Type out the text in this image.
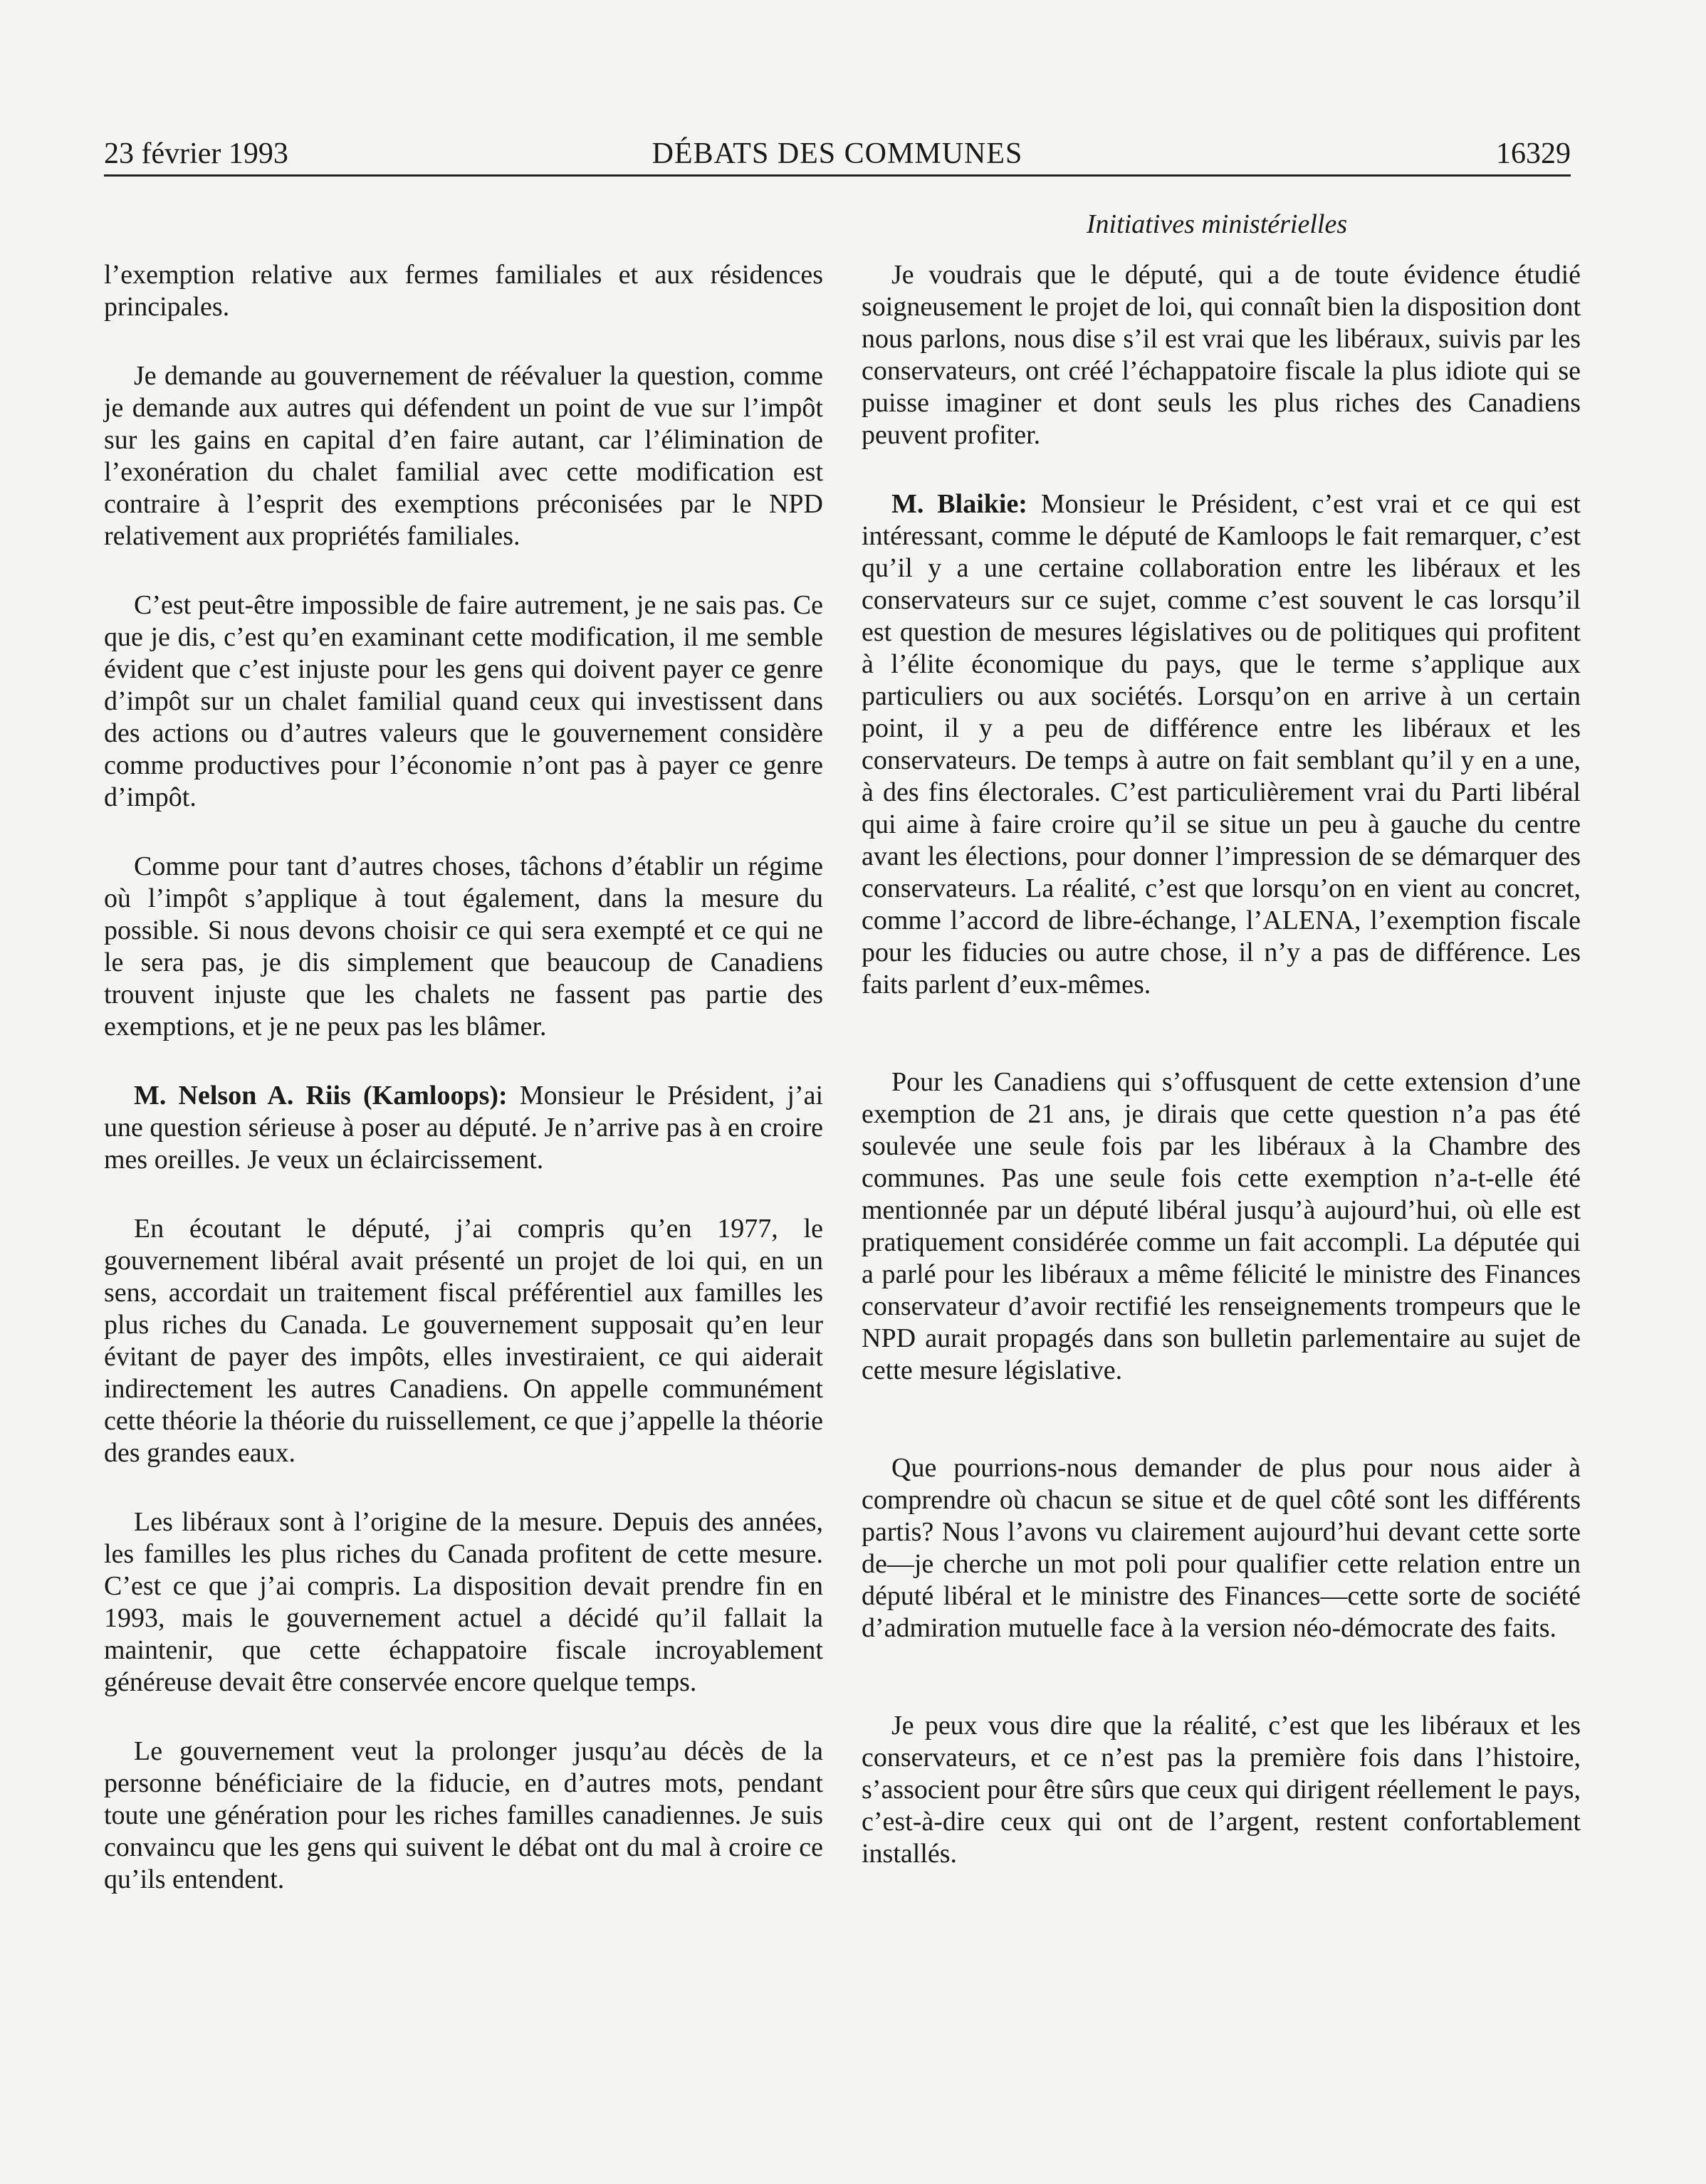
23 février 1993	DÉBATS DES COMMUNES	16329
Initiatives ministérielles

l’exemption relative aux fermes familiales et aux résidences principales.

Je demande au gouvernement de réévaluer la question, comme je demande aux autres qui défendent un point de vue sur l’impôt sur les gains en capital d’en faire autant, car l’élimination de l’exonération du chalet familial avec cette modification est contraire à l’esprit des exemptions préconisées par le NPD relativement aux propriétés familiales.

C’est peut-être impossible de faire autrement, je ne sais pas. Ce que je dis, c’est qu’en examinant cette modification, il me semble évident que c’est injuste pour les gens qui doivent payer ce genre d’impôt sur un chalet familial quand ceux qui investissent dans des actions ou d’autres valeurs que le gouvernement considère comme productives pour l’économie n’ont pas à payer ce genre d’impôt.

Comme pour tant d’autres choses, tâchons d’établir un régime où l’impôt s’applique à tout également, dans la mesure du possible. Si nous devons choisir ce qui sera exempté et ce qui ne le sera pas, je dis simplement que beaucoup de Canadiens trouvent injuste que les chalets ne fassent pas partie des exemptions, et je ne peux pas les blâmer.

M. Nelson A. Riis (Kamloops): Monsieur le Président, j’ai une question sérieuse à poser au député. Je n’arrive pas à en croire mes oreilles. Je veux un éclaircissement.

En écoutant le député, j’ai compris qu’en 1977, le gouvernement libéral avait présenté un projet de loi qui, en un sens, accordait un traitement fiscal préférentiel aux familles les plus riches du Canada. Le gouvernement supposait qu’en leur évitant de payer des impôts, elles investiraient, ce qui aiderait indirectement les autres Canadiens. On appelle communément cette théorie la théorie du ruissellement, ce que j’appelle la théorie des grandes eaux.

Les libéraux sont à l’origine de la mesure. Depuis des années, les familles les plus riches du Canada profitent de cette mesure. C’est ce que j’ai compris. La disposition devait prendre fin en 1993, mais le gouvernement actuel a décidé qu’il fallait la maintenir, que cette échappatoire fiscale incroyablement généreuse devait être conservée encore quelque temps.

Le gouvernement veut la prolonger jusqu’au décès de la personne bénéficiaire de la fiducie, en d’autres mots, pendant toute une génération pour les riches familles canadiennes. Je suis convaincu que les gens qui suivent le débat ont du mal à croire ce qu’ils entendent.

Je voudrais que le député, qui a de toute évidence étudié soigneusement le projet de loi, qui connaît bien la disposition dont nous parlons, nous dise s’il est vrai que les libéraux, suivis par les conservateurs, ont créé l’échappatoire fiscale la plus idiote qui se puisse imaginer et dont seuls les plus riches des Canadiens peuvent profiter.

M. Blaikie: Monsieur le Président, c’est vrai et ce qui est intéressant, comme le député de Kamloops le fait remarquer, c’est qu’il y a une certaine collaboration entre les libéraux et les conservateurs sur ce sujet, comme c’est souvent le cas lorsqu’il est question de mesures législatives ou de politiques qui profitent à l’élite économique du pays, que le terme s’applique aux particuliers ou aux sociétés. Lorsqu’on en arrive à un certain point, il y a peu de différence entre les libéraux et les conservateurs. De temps à autre on fait semblant qu’il y en a une, à des fins électorales. C’est particulièrement vrai du Parti libéral qui aime à faire croire qu’il se situe un peu à gauche du centre avant les élections, pour donner l’impression de se démarquer des conservateurs. La réalité, c’est que lorsqu’on en vient au concret, comme l’accord de libre-échange, l’ALENA, l’exemption fiscale pour les fiducies ou autre chose, il n’y a pas de différence. Les faits parlent d’eux-mêmes.

Pour les Canadiens qui s’offusquent de cette extension d’une exemption de 21 ans, je dirais que cette question n’a pas été soulevée une seule fois par les libéraux à la Chambre des communes. Pas une seule fois cette exemption n’a-t-elle été mentionnée par un député libéral jusqu’à aujourd’hui, où elle est pratiquement considérée comme un fait accompli. La députée qui a parlé pour les libéraux a même félicité le ministre des Finances conservateur d’avoir rectifié les renseignements trompeurs que le NPD aurait propagés dans son bulletin parlementaire au sujet de cette mesure législative.

Que pourrions-nous demander de plus pour nous aider à comprendre où chacun se situe et de quel côté sont les différents partis? Nous l’avons vu clairement aujourd’hui devant cette sorte de—je cherche un mot poli pour qualifier cette relation entre un député libéral et le ministre des Finances—cette sorte de société d’admiration mutuelle face à la version néo-démocrate des faits.

Je peux vous dire que la réalité, c’est que les libéraux et les conservateurs, et ce n’est pas la première fois dans l’histoire, s’associent pour être sûrs que ceux qui dirigent réellement le pays, c’est-à-dire ceux qui ont de l’argent, restent confortablement installés.
